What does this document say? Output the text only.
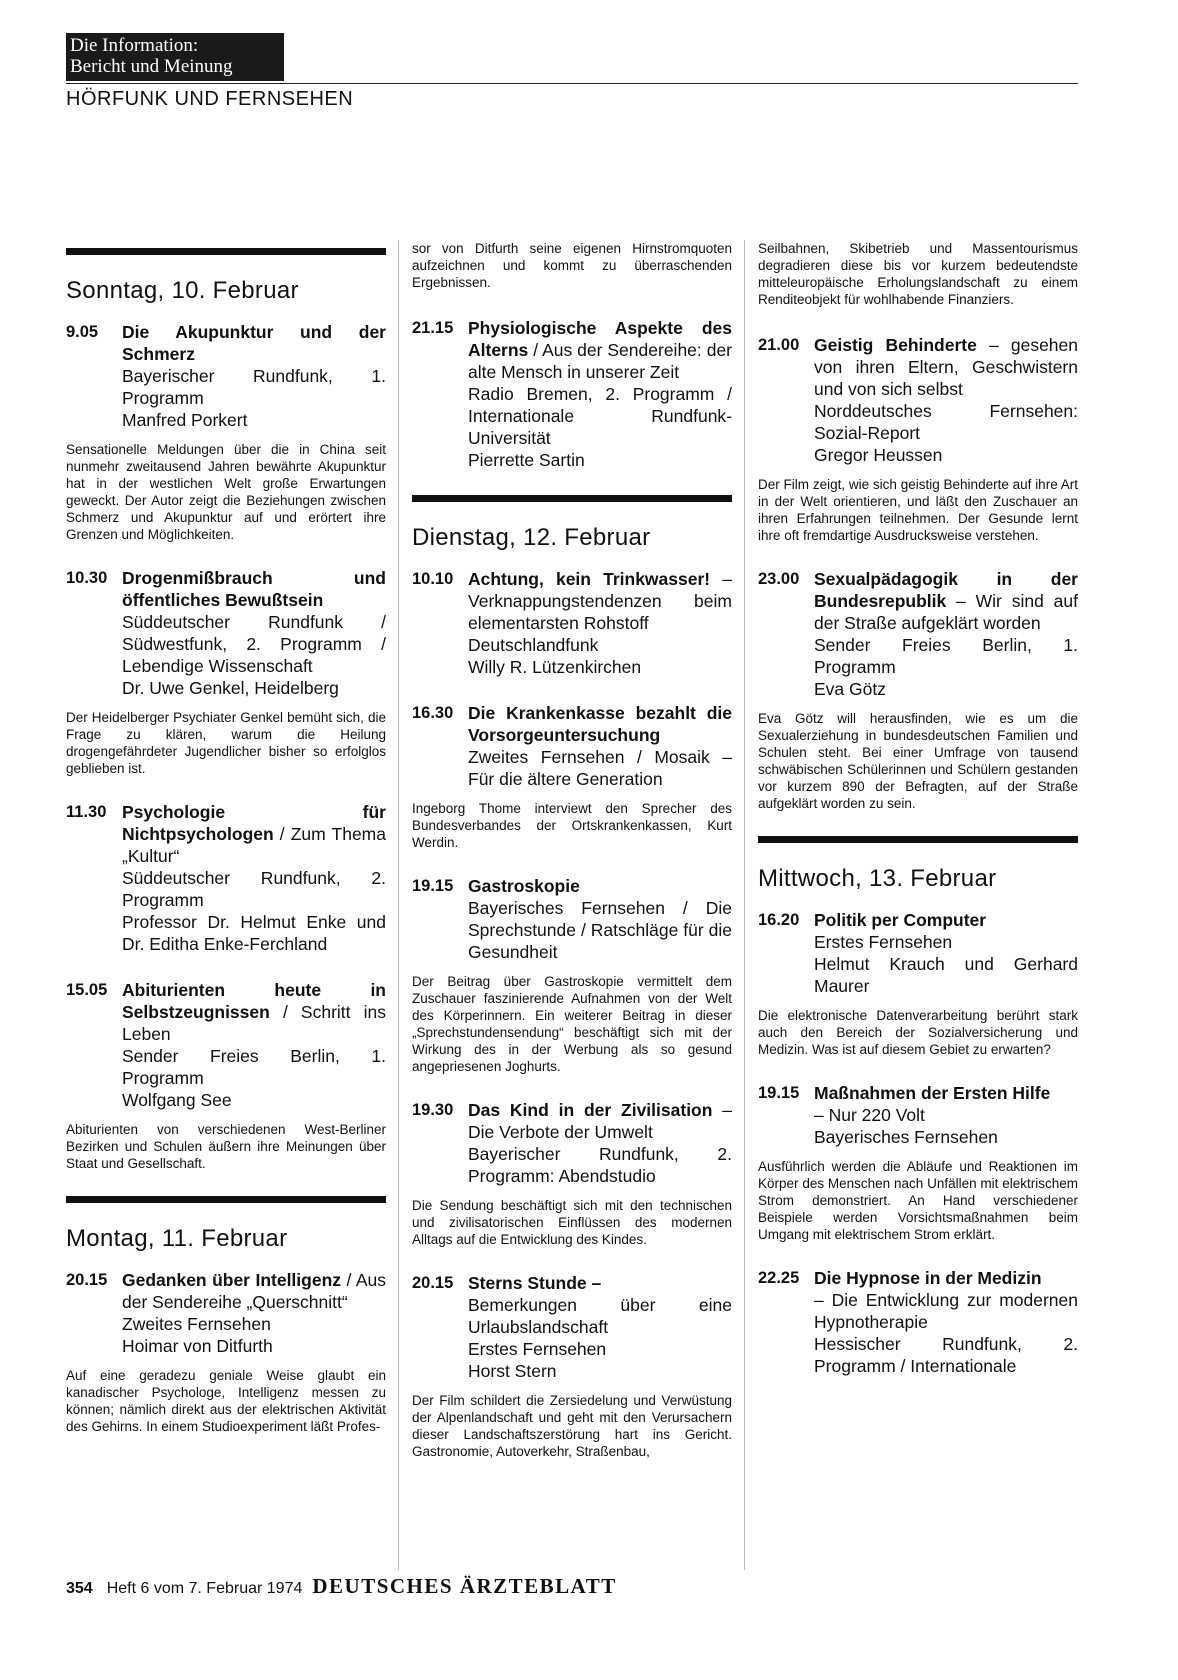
Die Information:
Bericht und Meinung
HÖRFUNK UND FERNSEHEN
Sonntag, 10. Februar
9.05	Die Akupunktur und der Schmerz
Bayerischer Rundfunk, 1. Programm
Manfred Porkert
Sensationelle Meldungen über die in China seit nunmehr zweitausend Jahren bewährte Akupunktur hat in der westlichen Welt große Erwartungen geweckt. Der Autor zeigt die Beziehungen zwischen Schmerz und Akupunktur auf und erörtert ihre Grenzen und Möglichkeiten.
10.30 Drogenmißbrauch und öffentliches Bewußtsein
Süddeutscher Rundfunk / Südwestfunk, 2. Programm / Lebendige Wissenschaft
Dr. Uwe Genkel, Heidelberg
Der Heidelberger Psychiater Genkel bemüht sich, die Frage zu klären, warum die Heilung drogengefährdeter Jugendlicher bisher so erfolglos geblieben ist.
11.30 Psychologie für Nichtpsychologen / Zum Thema „Kultur“
Süddeutscher Rundfunk, 2. Programm
Professor Dr. Helmut Enke und Dr. Editha Enke-Ferchland
15.05 Abiturienten heute in Selbstzeugnissen / Schritt ins Leben
Sender Freies Berlin, 1. Programm
Wolfgang See
Abiturienten von verschiedenen West-Berliner Bezirken und Schulen äußern ihre Meinungen über Staat und Gesellschaft.
Montag, 11. Februar
20.15 Gedanken über Intelligenz / Aus der Sendereihe „Querschnitt“
Zweites Fernsehen
Hoimar von Ditfurth
Auf eine geradezu geniale Weise glaubt ein kanadischer Psychologe, Intelligenz messen zu können; nämlich direkt aus der elektrischen Aktivität des Gehirns. In einem Studioexperiment läßt Profes-
sor von Ditfurth seine eigenen Hirnstromquoten aufzeichnen und kommt zu überraschenden Ergebnissen.
21.15 Physiologische Aspekte des Alterns / Aus der Sendereihe: der alte Mensch in unserer Zeit
Radio Bremen, 2. Programm / Internationale Rundfunk-Universität
Pierrette Sartin
Dienstag, 12. Februar
10.10 Achtung, kein Trinkwasser! – Verknappungstendenzen beim elementarsten Rohstoff
Deutschlandfunk
Willy R. Lützenkirchen
16.30 Die Krankenkasse bezahlt die Vorsorgeuntersuchung
Zweites Fernsehen / Mosaik – Für die ältere Generation
Ingeborg Thome interviewt den Sprecher des Bundesverbandes der Ortskrankenkassen, Kurt Werdin.
19.15 Gastroskopie
Bayerisches Fernsehen / Die Sprechstunde / Ratschläge für die Gesundheit
Der Beitrag über Gastroskopie vermittelt dem Zuschauer faszinierende Aufnahmen von der Welt des Körperinnern. Ein weiterer Beitrag in dieser „Sprechstundensendung“ beschäftigt sich mit der Wirkung des in der Werbung als so gesund angepriesenen Joghurts.
19.30 Das Kind in der Zivilisation – Die Verbote der Umwelt
Bayerischer Rundfunk, 2. Programm: Abendstudio
Die Sendung beschäftigt sich mit den technischen und zivilisatorischen Einflüssen des modernen Alltags auf die Entwicklung des Kindes.
20.15 Sterns Stunde –
Bemerkungen über eine Urlaubslandschaft
Erstes Fernsehen
Horst Stern
Der Film schildert die Zersiedelung und Verwüstung der Alpenlandschaft und geht mit den Verursachern dieser Landschaftszerstörung hart ins Gericht. Gastronomie, Autoverkehr, Straßenbau,
Seilbahnen, Skibetrieb und Massentourismus degradieren diese bis vor kurzem bedeutendste mitteleuropäische Erholungslandschaft zu einem Renditeobjekt für wohlhabende Finanziers.
21.00 Geistig Behinderte – gesehen von ihren Eltern, Geschwistern und von sich selbst
Norddeutsches Fernsehen: Sozial-Report
Gregor Heussen
Der Film zeigt, wie sich geistig Behinderte auf ihre Art in der Welt orientieren, und läßt den Zuschauer an ihren Erfahrungen teilnehmen. Der Gesunde lernt ihre oft fremdartige Ausdrucksweise verstehen.
23.00 Sexualpädagogik in der Bundesrepublik – Wir sind auf der Straße aufgeklärt worden
Sender Freies Berlin, 1. Programm
Eva Götz
Eva Götz will herausfinden, wie es um die Sexualerziehung in bundesdeutschen Familien und Schulen steht. Bei einer Umfrage von tausend schwäbischen Schülerinnen und Schülern gestanden vor kurzem 890 der Befragten, auf der Straße aufgeklärt worden zu sein.
Mittwoch, 13. Februar
16.20 Politik per Computer
Erstes Fernsehen
Helmut Krauch und Gerhard Maurer
Die elektronische Datenverarbeitung berührt stark auch den Bereich der Sozialversicherung und Medizin. Was ist auf diesem Gebiet zu erwarten?
19.15 Maßnahmen der Ersten Hilfe
– Nur 220 Volt
Bayerisches Fernsehen
Ausführlich werden die Abläufe und Reaktionen im Körper des Menschen nach Unfällen mit elektrischem Strom demonstriert. An Hand verschiedener Beispiele werden Vorsichtsmaßnahmen beim Umgang mit elektrischem Strom erklärt.
22.25 Die Hypnose in der Medizin
– Die Entwicklung zur modernen Hypnotherapie
Hessischer Rundfunk, 2. Programm / Internationale
354 Heft 6 vom 7. Februar 1974 DEUTSCHES ÄRZTEBLATT
